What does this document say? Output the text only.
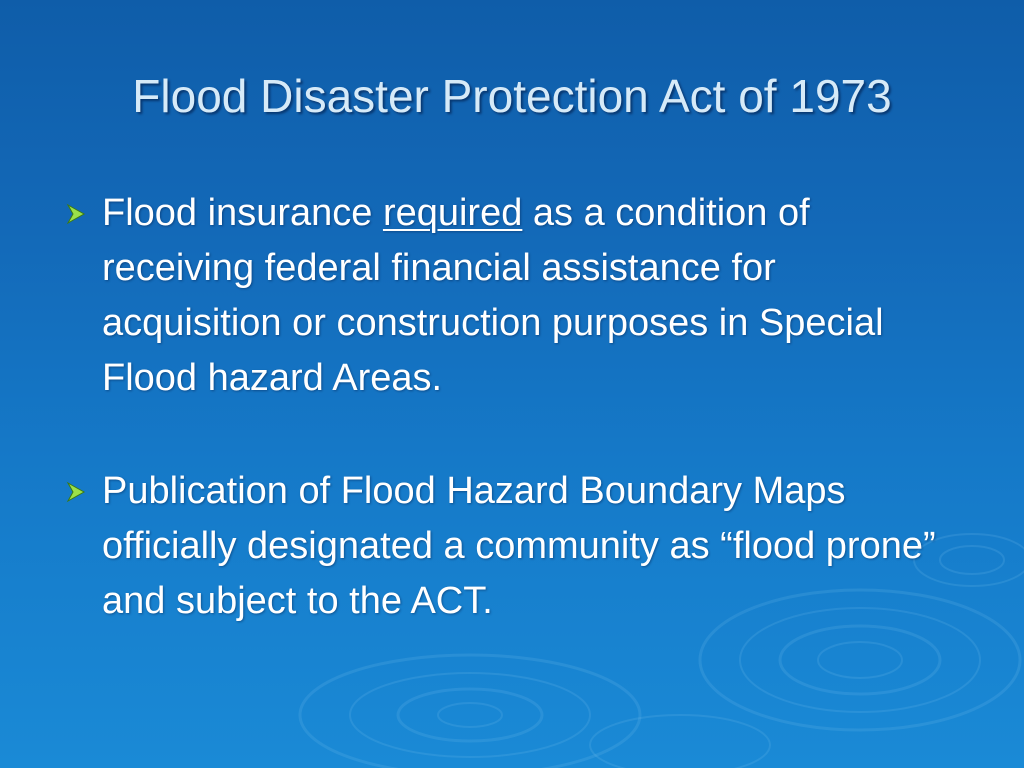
Flood Disaster Protection Act of 1973
Flood insurance required as a condition of receiving federal financial assistance for acquisition or construction purposes in Special Flood hazard Areas.
Publication of Flood Hazard Boundary Maps officially designated a community as “flood prone” and subject to the ACT.
